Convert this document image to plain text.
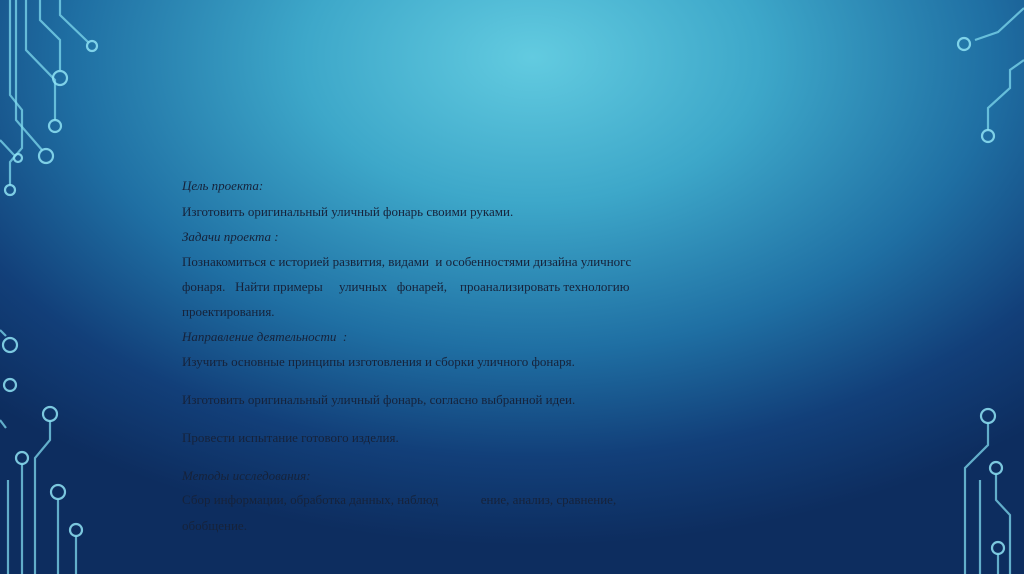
Цель проекта:
Изготовить оригинальный уличный фонарь своими руками.
Задачи проекта :
Познакомиться с историей развития, видами  и особенностями дизайна уличногс
фонаря.   Найти примеры     уличных   фонарей,    проанализировать технологию
проектирования.
Направление деятельности  :
Изучить основные принципы изготовления и сборки уличного фонаря.
Изготовить оригинальный уличный фонарь, согласно выбранной идеи.
Провести испытание готового изделия.
Методы исследования:
Сбор информации, обработка данных, наблюд             ение, анализ, сравнение,
обобщение.
